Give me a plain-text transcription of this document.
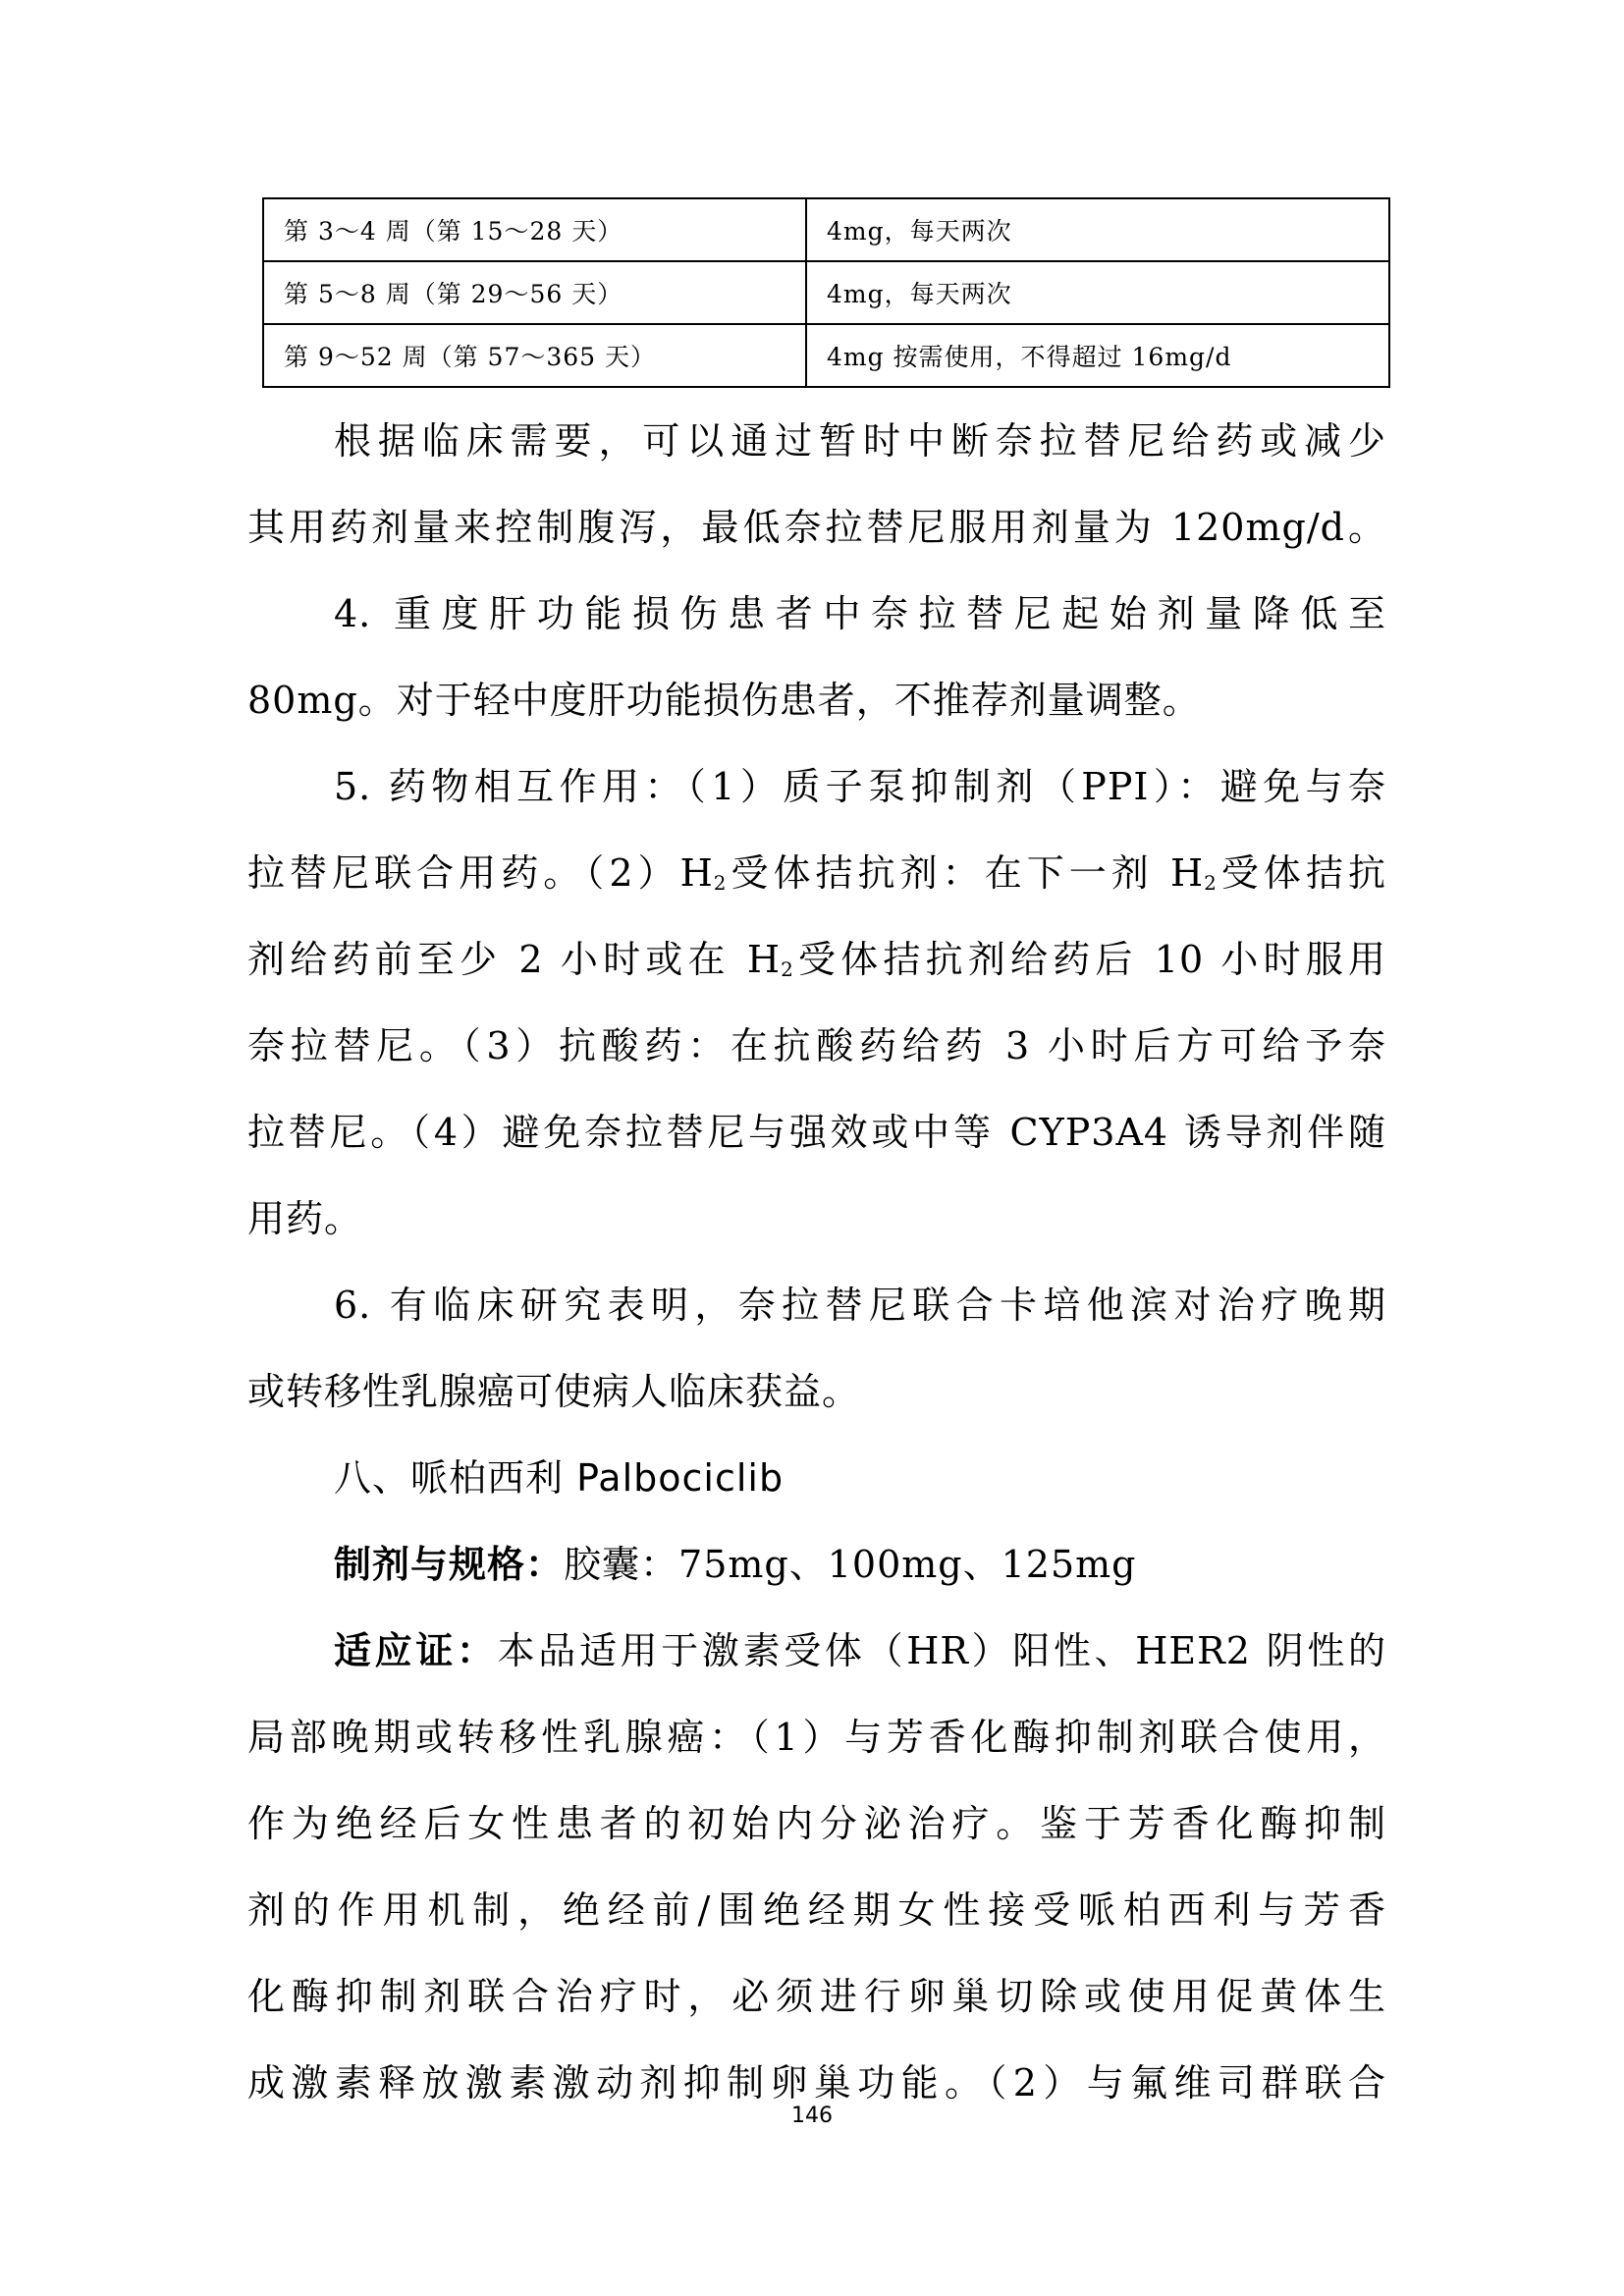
第 3～4 周（第 15～28 天）	4mg，每天两次
第 5～8 周（第 29～56 天）	4mg，每天两次
第 9～52 周（第 57～365 天）	4mg 按需使用，不得超过 16mg/d
根据临床需要，可以通过暂时中断奈拉替尼给药或减少
其用药剂量来控制腹泻，最低奈拉替尼服用剂量为 120mg/d。
4. 重度肝功能损伤患者中奈拉替尼起始剂量降低至
80mg。对于轻中度肝功能损伤患者，不推荐剂量调整。
5. 药物相互作用：（1）质子泵抑制剂（PPI）：避免与奈
拉替尼联合用药。$(2)H_2$受体拮抗剂：在下一剂 $H_2$受体拮抗
剂给药前至少 2 小时或在 $H_2$受体拮抗剂给药后 10 小时服用
奈拉替尼。（3）抗酸药：在抗酸药给药 3 小时后方可给予奈
拉替尼。（4）避免奈拉替尼与强效或中等 CYP3A4 诱导剂伴随
用药。
6. 有临床研究表明，奈拉替尼联合卡培他滨对治疗晚期
或转移性乳腺癌可使病人临床获益。
八、哌柏西利 Palbociclib
制剂与规格：胶囊：75mg、100mg、125mg
适应证：本品适用于激素受体（HR）阳性、HER2 阴性的
局部晚期或转移性乳腺癌：（1）与芳香化酶抑制剂联合使用，
作为绝经后女性患者的初始内分泌治疗。鉴于芳香化酶抑制
剂的作用机制，绝经前/围绝经期女性接受哌柏西利与芳香
化酶抑制剂联合治疗时，必须进行卵巢切除或使用促黄体生
成激素释放激素激动剂抑制卵巢功能。（2）与氟维司群联合
146
